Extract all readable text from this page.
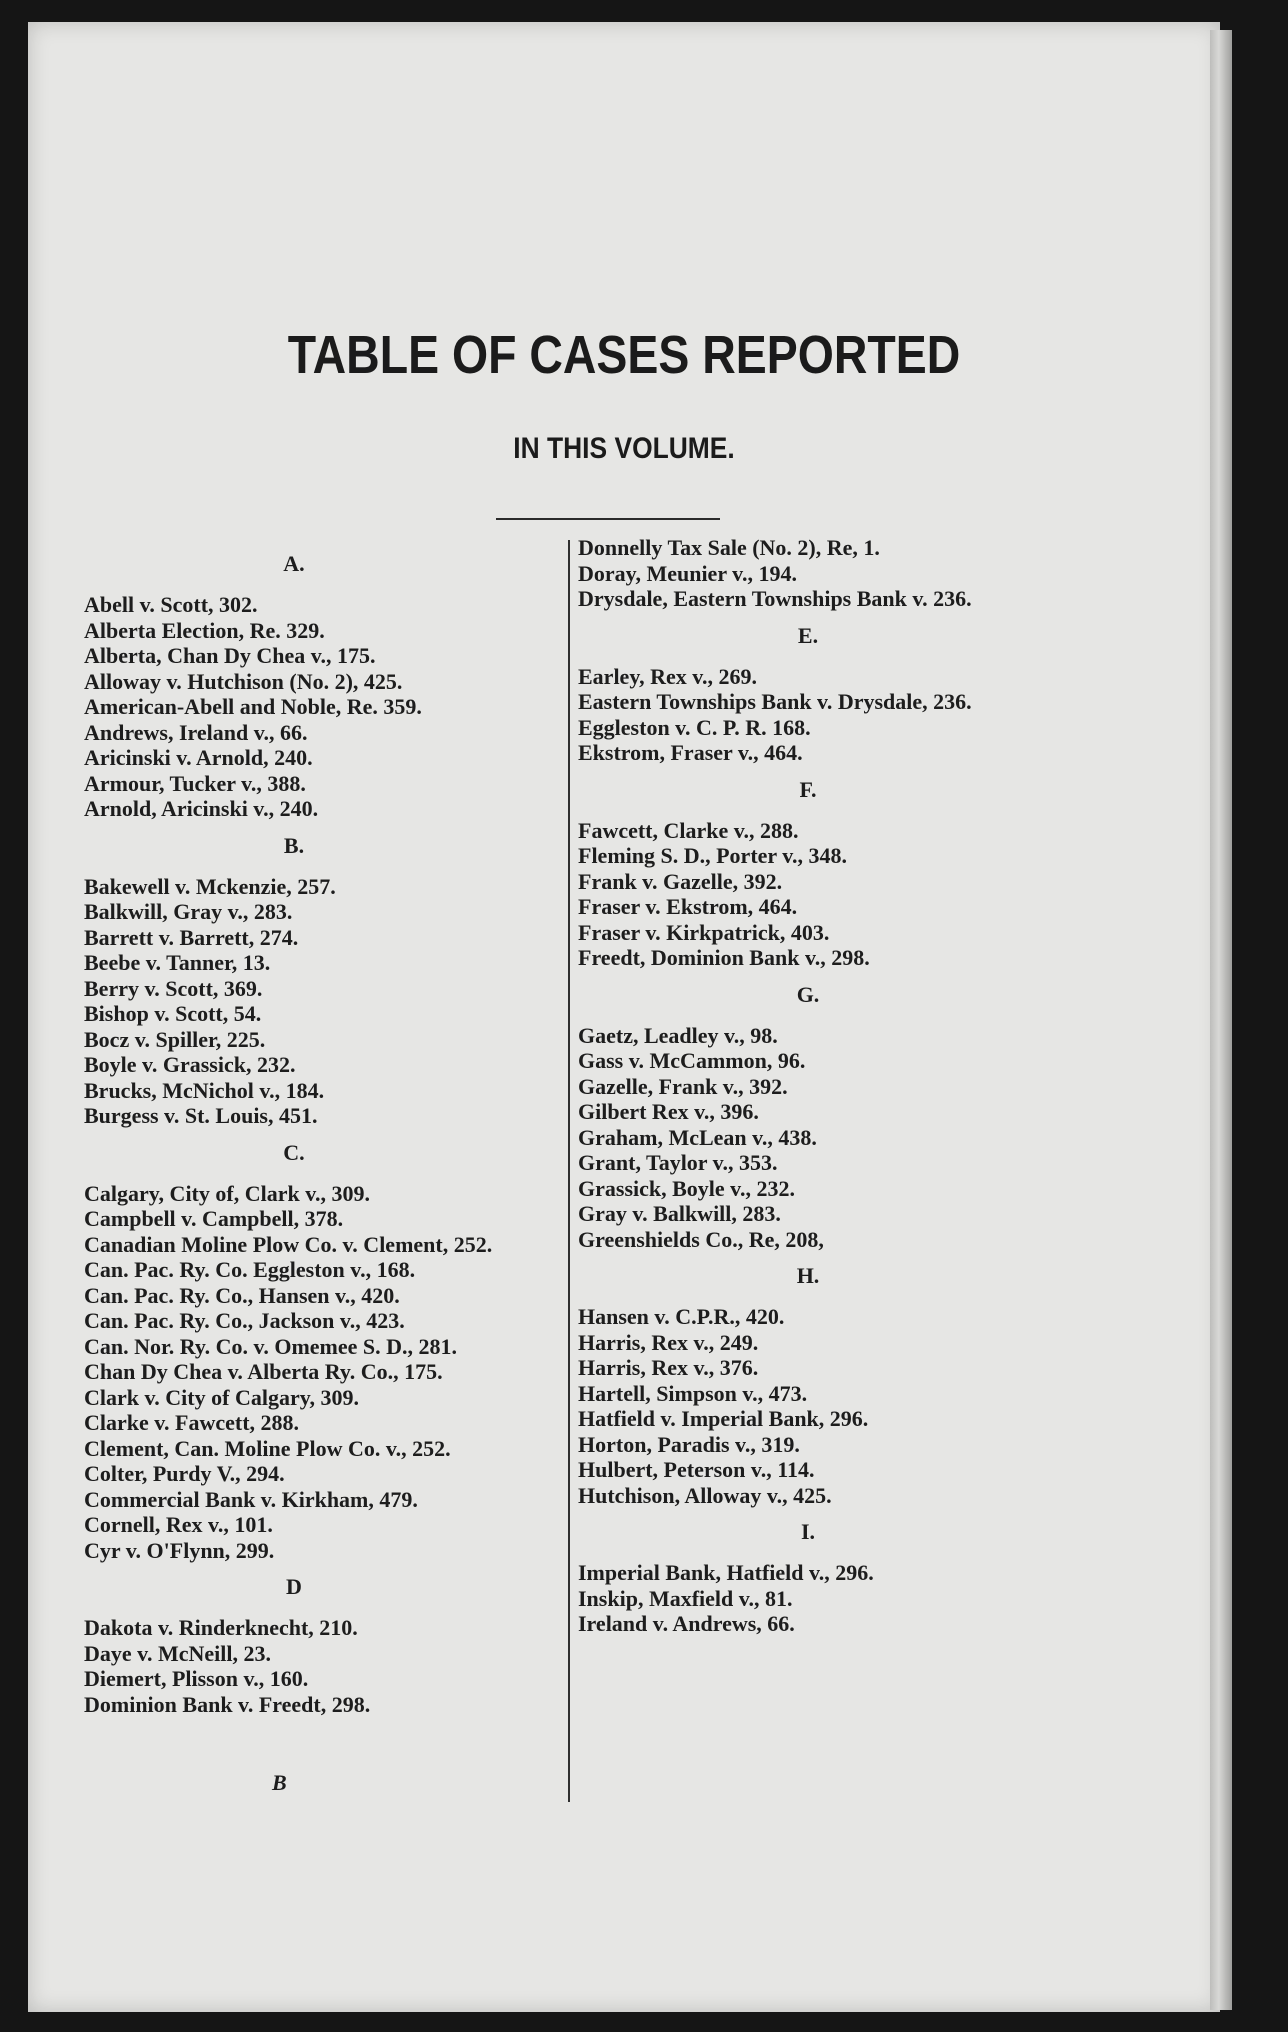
TABLE OF CASES REPORTED
IN THIS VOLUME.
A.
Abell v. Scott, 302.
Alberta Election, Re. 329.
Alberta, Chan Dy Chea v., 175.
Alloway v. Hutchison (No. 2), 425.
American-Abell and Noble, Re. 359.
Andrews, Ireland v., 66.
Aricinski v. Arnold, 240.
Armour, Tucker v., 388.
Arnold, Aricinski v., 240.
B.
Bakewell v. Mckenzie, 257.
Balkwill, Gray v., 283.
Barrett v. Barrett, 274.
Beebe v. Tanner, 13.
Berry v. Scott, 369.
Bishop v. Scott, 54.
Bocz v. Spiller, 225.
Boyle v. Grassick, 232.
Brucks, McNichol v., 184.
Burgess v. St. Louis, 451.
C.
Calgary, City of, Clark v., 309.
Campbell v. Campbell, 378.
Canadian Moline Plow Co. v. Clement, 252.
Can. Pac. Ry. Co. Eggleston v., 168.
Can. Pac. Ry. Co., Hansen v., 420.
Can. Pac. Ry. Co., Jackson v., 423.
Can. Nor. Ry. Co. v. Omemee S. D., 281.
Chan Dy Chea v. Alberta Ry. Co., 175.
Clark v. City of Calgary, 309.
Clarke v. Fawcett, 288.
Clement, Can. Moline Plow Co. v., 252.
Colter, Purdy V., 294.
Commercial Bank v. Kirkham, 479.
Cornell, Rex v., 101.
Cyr v. O'Flynn, 299.
D
Dakota v. Rinderknecht, 210.
Daye v. McNeill, 23.
Diemert, Plisson v., 160.
Dominion Bank v. Freedt, 298.
Donnelly Tax Sale (No. 2), Re, 1.
Doray, Meunier v., 194.
Drysdale, Eastern Townships Bank v. 236.
E.
Earley, Rex v., 269.
Eastern Townships Bank v. Drysdale, 236.
Eggleston v. C. P. R. 168.
Ekstrom, Fraser v., 464.
F.
Fawcett, Clarke v., 288.
Fleming S. D., Porter v., 348.
Frank v. Gazelle, 392.
Fraser v. Ekstrom, 464.
Fraser v. Kirkpatrick, 403.
Freedt, Dominion Bank v., 298.
G.
Gaetz, Leadley v., 98.
Gass v. McCammon, 96.
Gazelle, Frank v., 392.
Gilbert Rex v., 396.
Graham, McLean v., 438.
Grant, Taylor v., 353.
Grassick, Boyle v., 232.
Gray v. Balkwill, 283.
Greenshields Co., Re, 208,
H.
Hansen v. C.P.R., 420.
Harris, Rex v., 249.
Harris, Rex v., 376.
Hartell, Simpson v., 473.
Hatfield v. Imperial Bank, 296.
Horton, Paradis v., 319.
Hulbert, Peterson v., 114.
Hutchison, Alloway v., 425.
I.
Imperial Bank, Hatfield v., 296.
Inskip, Maxfield v., 81.
Ireland v. Andrews, 66.
B
